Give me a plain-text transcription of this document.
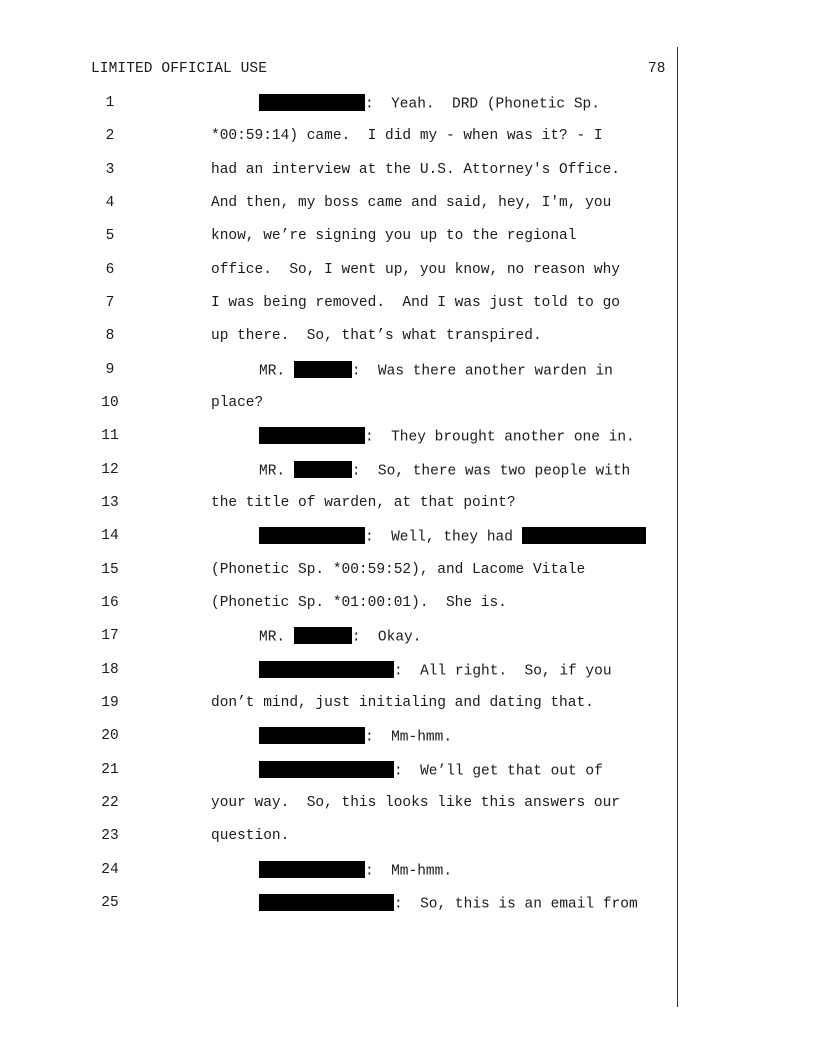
LIMITED OFFICIAL USE	78
1	:  Yeah.  DRD (Phonetic Sp.
2	*00:59:14) came.  I did my - when was it? - I
3	had an interview at the U.S. Attorney's Office.
4	And then, my boss came and said, hey, I'm, you
5	know, we’re signing you up to the regional
6	office.  So, I went up, you know, no reason why
7	I was being removed.  And I was just told to go
8	up there.  So, that’s what transpired.
9	MR.	:  Was there another warden in
10	place?
11	:  They brought another one in.
12	MR.	:  So, there was two people with
13	the title of warden, at that point?
14	:  Well, they had
15	(Phonetic Sp. *00:59:52), and Lacome Vitale
16	(Phonetic Sp. *01:00:01).  She is.
17	MR.	:  Okay.
18	:  All right.  So, if you
19	don’t mind, just initialing and dating that.
20	:  Mm-hmm.
21	:  We’ll get that out of
22	your way.  So, this looks like this answers our
23	question.
24	:  Mm-hmm.
25	:  So, this is an email from
